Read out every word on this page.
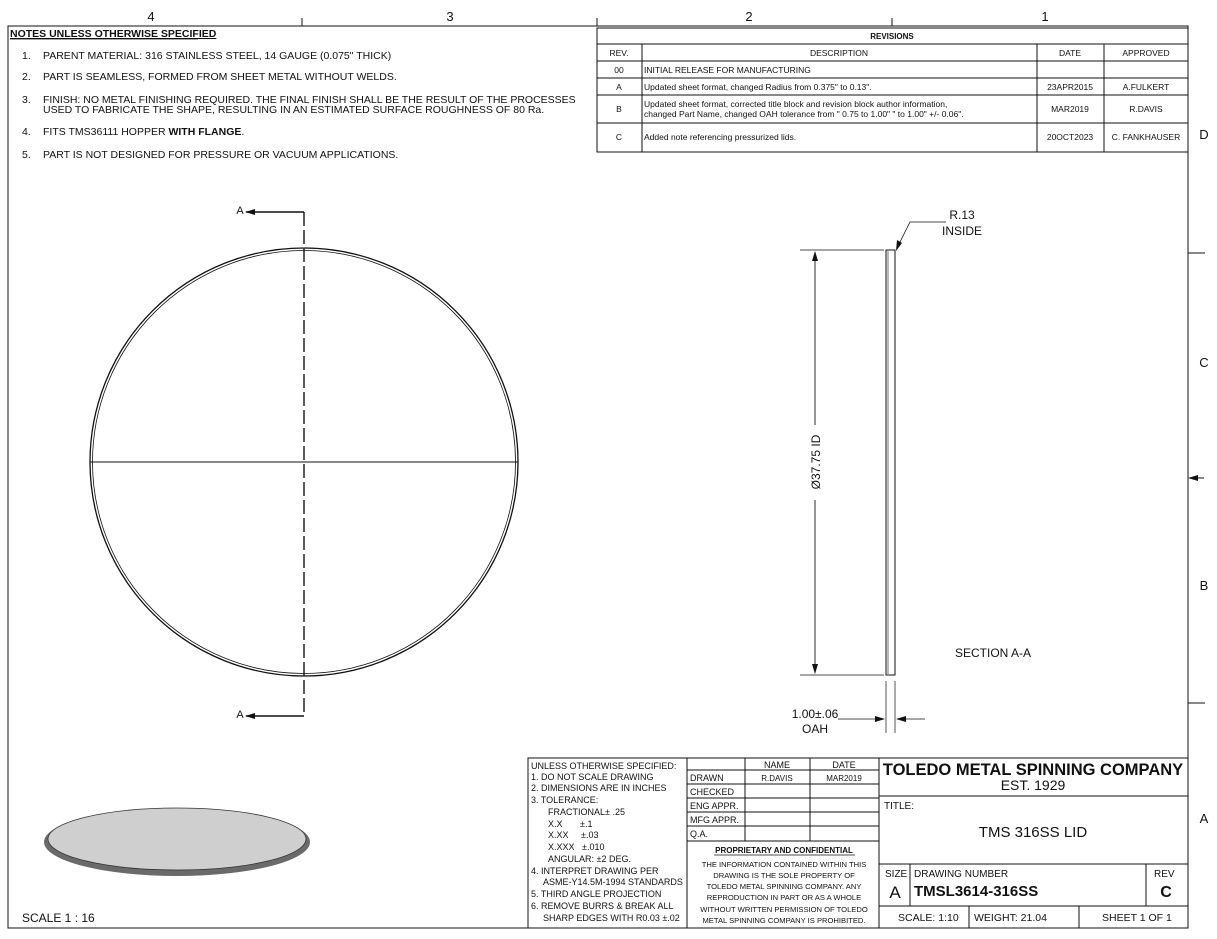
4	3	2	1
D
C
B
A
NOTES UNLESS OTHERWISE SPECIFIED
1. PARENT MATERIAL: 316 STAINLESS STEEL, 14 GAUGE (0.075" THICK)
2. PART IS SEAMLESS, FORMED FROM SHEET METAL WITHOUT WELDS.
3. FINISH: NO METAL FINISHING REQUIRED. THE FINAL FINISH SHALL BE THE RESULT OF THE PROCESSES
USED TO FABRICATE THE SHAPE, RESULTING IN AN ESTIMATED SURFACE ROUGHNESS OF 80 Ra.
4. FITS TMS36111 HOPPER WITH FLANGE.
5. PART IS NOT DESIGNED FOR PRESSURE OR VACUUM APPLICATIONS.
REVISIONS
REV.	DESCRIPTION	DATE	APPROVED
00 INITIAL RELEASE FOR MANUFACTURING
A	Updated sheet format, changed Radius from 0.375" to 0.13".	23APR2015	A.FULKERT
B	Updated sheet format, corrected title block and revision block author information,
changed Part Name, changed OAH tolerance from " 0.75 to 1.00" " to 1.00" +/- 0.06".	MAR2019	R.DAVIS
C	Added note referencing pressurized lids.	20OCT2023 C. FANKHAUSER
A
A
Ø37.75 ID
R.13
INSIDE
1.00±.06
OAH
SECTION A-A
SCALE 1 : 16
UNLESS OTHERWISE SPECIFIED:
1. DO NOT SCALE DRAWING
2. DIMENSIONS ARE IN INCHES
3. TOLERANCE:
FRACTIONAL± .25
X.X       ±.1
X.XX     ±.03
X.XXX   ±.010
ANGULAR: ±2 DEG.
4. INTERPRET DRAWING PER
ASME-Y14.5M-1994 STANDARDS
5. THIRD ANGLE PROJECTION
6. REMOVE BURRS & BREAK ALL
SHARP EDGES WITH R0.03 ±.02
NAME	DATE
DRAWN	R.DAVIS	MAR2019
CHECKED
ENG APPR.
MFG APPR.
Q.A.
PROPRIETARY AND CONFIDENTIAL
THE INFORMATION CONTAINED WITHIN THIS
DRAWING IS THE SOLE PROPERTY OF
TOLEDO METAL SPINNING COMPANY. ANY
REPRODUCTION IN PART OR AS A WHOLE
WITHOUT WRITTEN PERMISSION OF TOLEDO
METAL SPINNING COMPANY IS PROHIBITED.
TOLEDO METAL SPINNING COMPANY
EST. 1929
TITLE:
TMS 316SS LID
SIZE
A
DRAWING NUMBER
TMSL3614-316SS
REV
C
SCALE: 1:10 WEIGHT: 21.04	SHEET 1 OF 1
